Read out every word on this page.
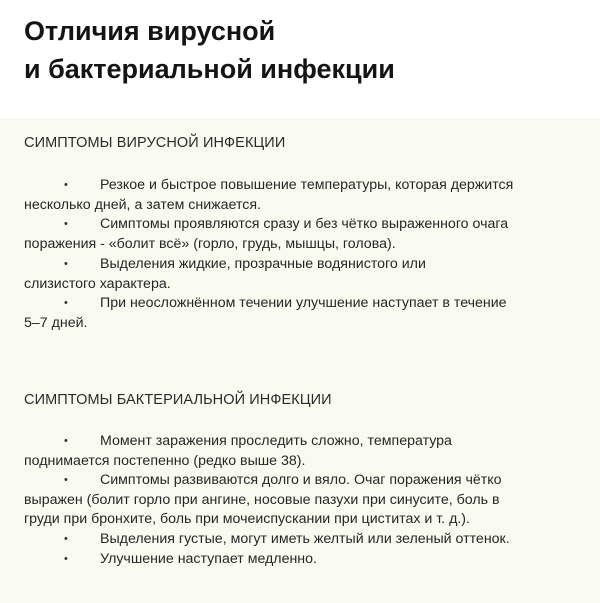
Отличия вирусной
и бактериальной инфекции
СИМПТОМЫ ВИРУСНОЙ ИНФЕКЦИИ
• Резкое и быстрое повышение температуры, которая держится
несколько дней, а затем снижается.
• Симптомы проявляются сразу и без чётко выраженного очага
поражения - «болит всё» (горло, грудь, мышцы, голова).
• Выделения жидкие, прозрачные водянистого или
слизистого характера.
• При неосложнённом течении улучшение наступает в течение
5–7 дней.
СИМПТОМЫ БАКТЕРИАЛЬНОЙ ИНФЕКЦИИ
• Момент заражения проследить сложно, температура
поднимается постепенно (редко выше 38).
• Симптомы развиваются долго и вяло. Очаг поражения чётко
выражен (болит горло при ангине, носовые пазухи при синусите, боль в
груди при бронхите, боль при мочеиспускании при циститах и т. д.).
• Выделения густые, могут иметь желтый или зеленый оттенок.
• Улучшение наступает медленно.
